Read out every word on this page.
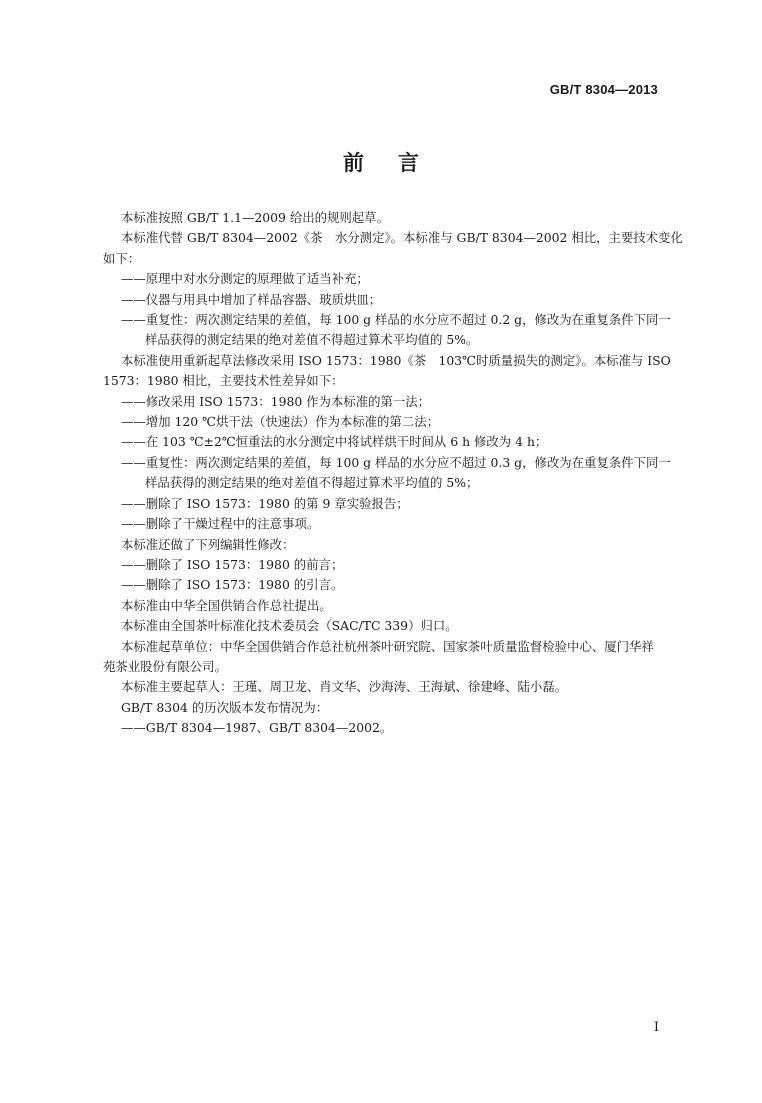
GB/T 8304—2013
前言

本标准按照 GB/T 1.1—2009 给出的规则起草。

本标准代替 GB/T 8304—2002《茶　水分测定》。本标准与 GB/T 8304—2002 相比，主要技术变化

如下：

——原理中对水分测定的原理做了适当补充；

——仪器与用具中增加了样品容器、玻质烘皿；

——重复性：两次测定结果的差值，每 100 g 样品的水分应不超过 0.2 g，修改为在重复条件下同一

样品获得的测定结果的绝对差值不得超过算术平均值的 5%。

本标准使用重新起草法修改采用 ISO 1573：1980《茶　103℃时质量损失的测定》。本标准与 ISO

1573：1980 相比，主要技术性差异如下：

——修改采用 ISO 1573：1980 作为本标准的第一法；

——增加 120 ℃烘干法（快速法）作为本标准的第二法；

——在 103 ℃±2℃恒重法的水分测定中将试样烘干时间从 6 h 修改为 4 h；

——重复性：两次测定结果的差值，每 100 g 样品的水分应不超过 0.3 g，修改为在重复条件下同一

样品获得的测定结果的绝对差值不得超过算术平均值的 5%；

——删除了 ISO 1573：1980 的第 9 章实验报告；

——删除了干燥过程中的注意事项。

本标准还做了下列编辑性修改：

——删除了 ISO 1573：1980 的前言；

——删除了 ISO 1573：1980 的引言。

本标准由中华全国供销合作总社提出。

本标准由全国茶叶标准化技术委员会（SAC/TC 339）归口。

本标准起草单位：中华全国供销合作总社杭州茶叶研究院、国家茶叶质量监督检验中心、厦门华祥

苑茶业股份有限公司。

本标准主要起草人：王瑾、周卫龙、肖文华、沙海涛、王海斌、徐建峰、陆小磊。

GB/T 8304 的历次版本发布情况为：

——GB/T 8304—1987、GB/T 8304—2002。

I
